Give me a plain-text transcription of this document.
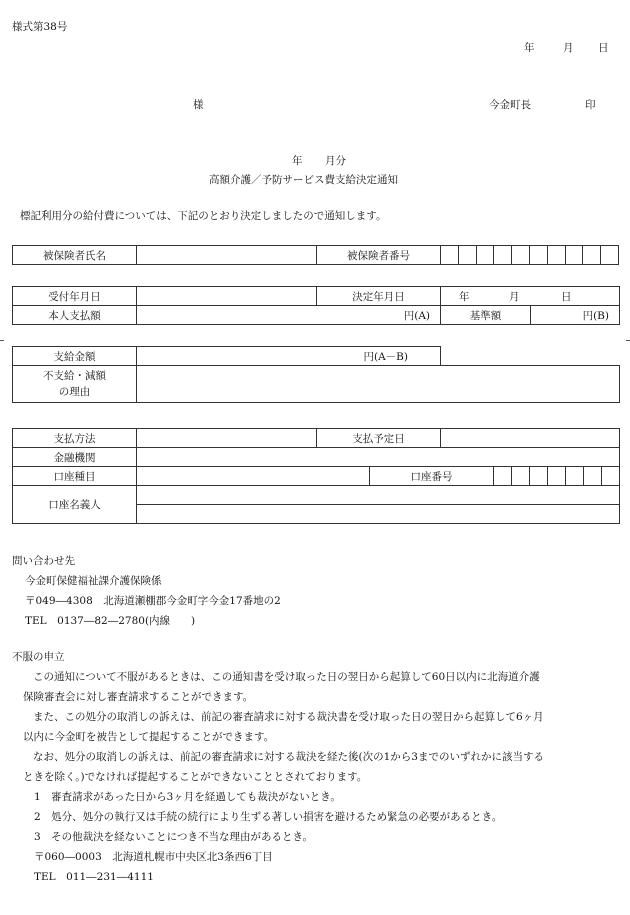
様式第38号
年	月 日
様	今金町長	印
年 月分
高額介護／予防サービス費支給決定通知
標記利用分の給付費については、下記のとおり決定しましたので通知します。
被保険者氏名		被保険者番号										
受付年月日		決定年月日	年 月 日	
本人支払額	円(A)		基準額	円(B)
支給金額	円(A－B)	
不支給・減額
の理由		
支払方法		支払予定日									
金融機関											
口座種目			口座番号								
口座名義人											

問い合わせ先
今金町保健福祉課介護保険係
〒049―4308　北海道瀬棚郡今金町字今金17番地の2
TEL　0137―82―2780(内線　　)
不服の申立
この通知について不服があるときは、この通知書を受け取った日の翌日から起算して60日以内に北海道介護
保険審査会に対し審査請求することができます。
また、この処分の取消しの訴えは、前記の審査請求に対する裁決書を受け取った日の翌日から起算して6ヶ月
以内に今金町を被告として提起することができます。
なお、処分の取消しの訴えは、前記の審査請求に対する裁決を経た後(次の1から3までのいずれかに該当する
ときを除く。)でなければ提起することができないこととされております。
1　審査請求があった日から3ヶ月を経過しても裁決がないとき。
2　処分、処分の執行又は手続の続行により生ずる著しい損害を避けるため緊急の必要があるとき。
3　その他裁決を経ないことにつき不当な理由があるとき。
〒060―0003　北海道札幌市中央区北3条西6丁目
TEL　011―231―4111
